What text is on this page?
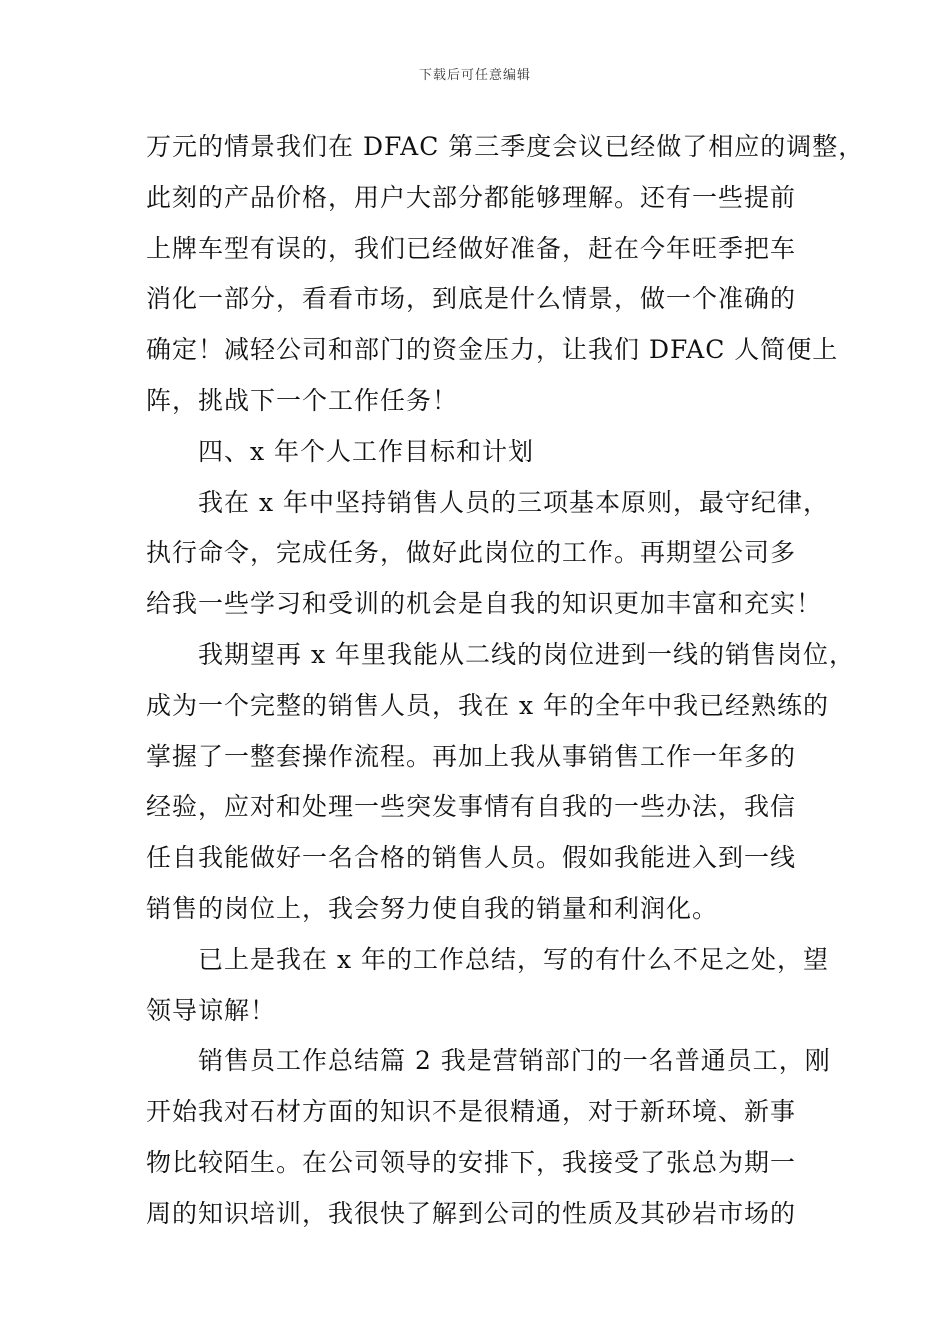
下载后可任意编辑
万元的情景我们在 DFAC 第三季度会议已经做了相应的调整，
此刻的产品价格，用户大部分都能够理解。还有一些提前
上牌车型有误的，我们已经做好准备，赶在今年旺季把车
消化一部分，看看市场，到底是什么情景，做一个准确的
确定！减轻公司和部门的资金压力，让我们 DFAC 人简便上
阵，挑战下一个工作任务！
四、x 年个人工作目标和计划
我在 x 年中坚持销售人员的三项基本原则，最守纪律，
执行命令，完成任务，做好此岗位的工作。再期望公司多
给我一些学习和受训的机会是自我的知识更加丰富和充实！
我期望再 x 年里我能从二线的岗位进到一线的销售岗位，
成为一个完整的销售人员，我在 x 年的全年中我已经熟练的
掌握了一整套操作流程。再加上我从事销售工作一年多的
经验，应对和处理一些突发事情有自我的一些办法，我信
任自我能做好一名合格的销售人员。假如我能进入到一线
销售的岗位上，我会努力使自我的销量和利润化。
已上是我在 x 年的工作总结，写的有什么不足之处，望
领导谅解！
销售员工作总结篇 2 我是营销部门的一名普通员工，刚
开始我对石材方面的知识不是很精通，对于新环境、新事
物比较陌生。在公司领导的安排下，我接受了张总为期一
周的知识培训，我很快了解到公司的性质及其砂岩市场的
